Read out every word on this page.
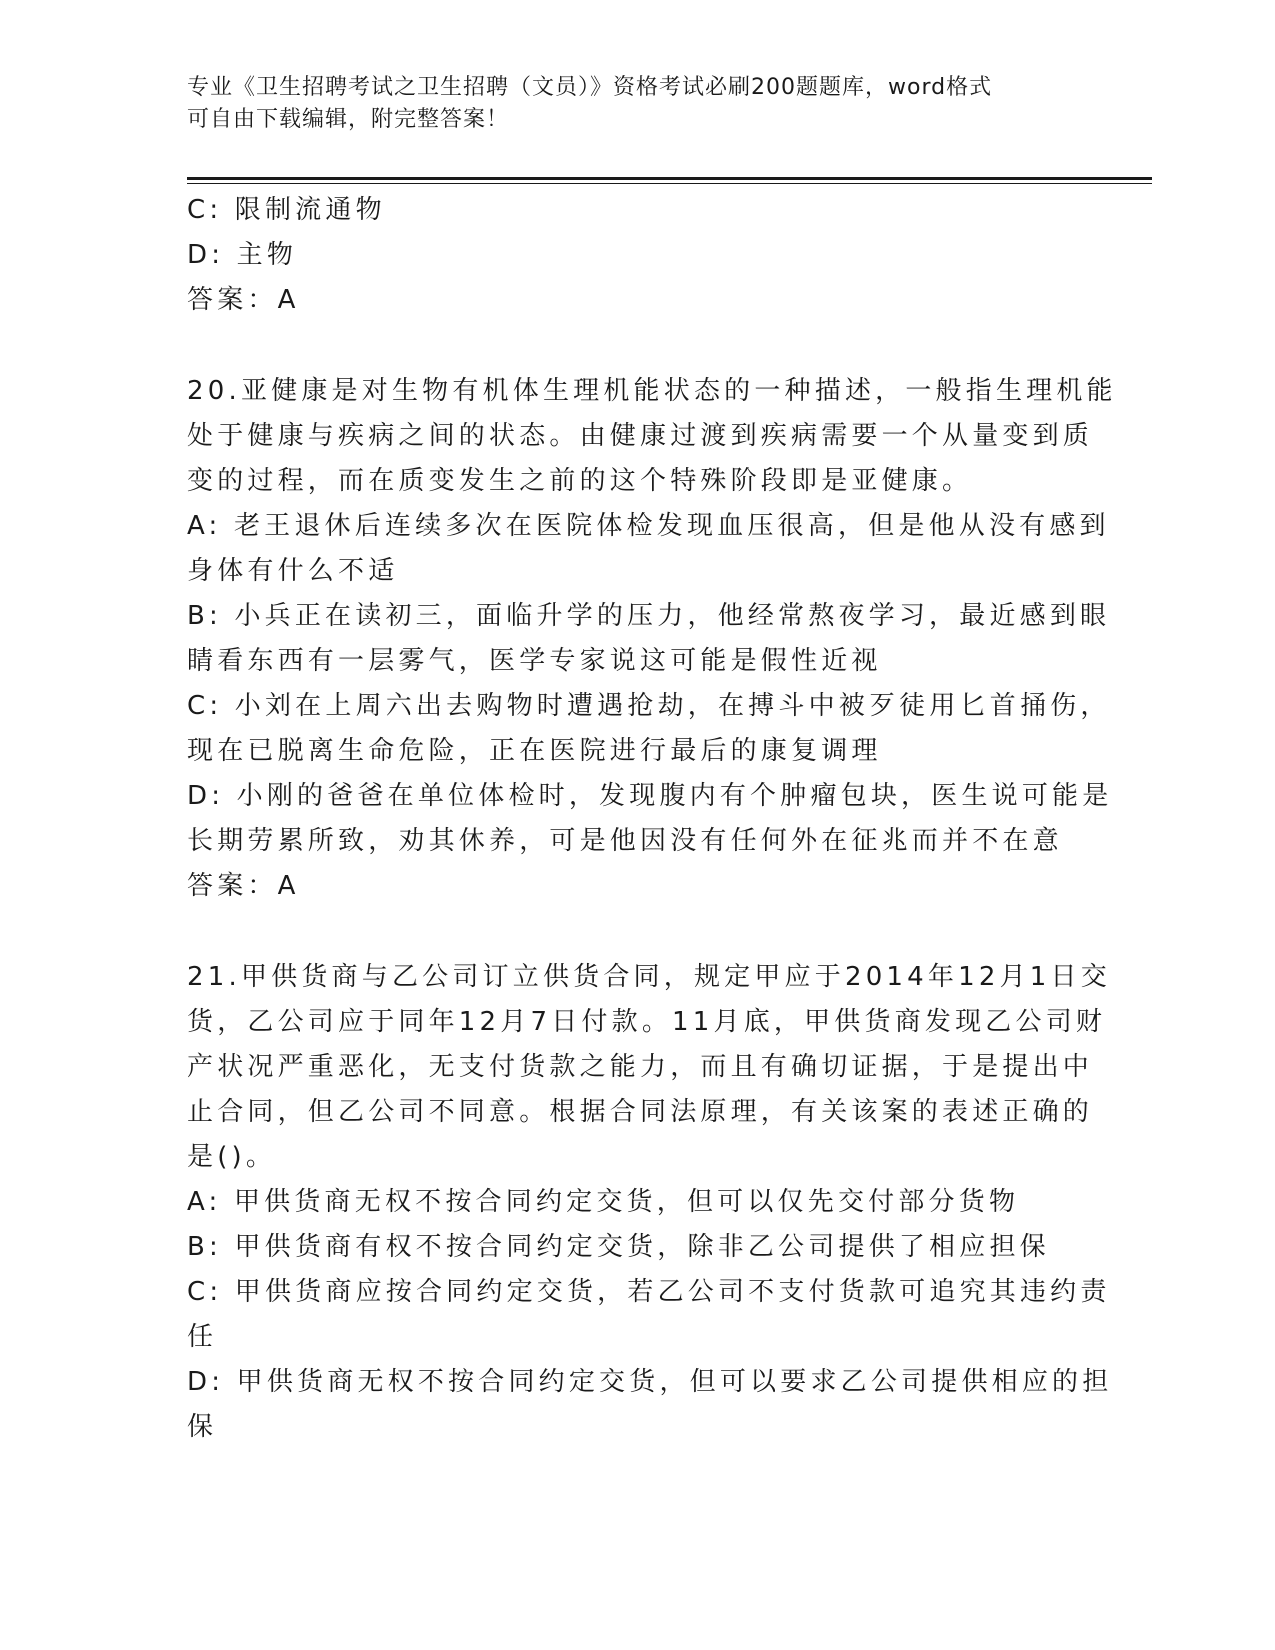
专业《卫生招聘考试之卫生招聘（文员）》资格考试必刷200题题库，word格式
可自由下载编辑，附完整答案！
C: 限制流通物
D: 主物
答案：A
20.亚健康是对生物有机体生理机能状态的一种描述，一般指生理机能
处于健康与疾病之间的状态。由健康过渡到疾病需要一个从量变到质
变的过程，而在质变发生之前的这个特殊阶段即是亚健康。
A: 老王退休后连续多次在医院体检发现血压很高，但是他从没有感到
身体有什么不适
B: 小兵正在读初三，面临升学的压力，他经常熬夜学习，最近感到眼
睛看东西有一层雾气，医学专家说这可能是假性近视
C: 小刘在上周六出去购物时遭遇抢劫，在搏斗中被歹徒用匕首捅伤，
现在已脱离生命危险，正在医院进行最后的康复调理
D: 小刚的爸爸在单位体检时，发现腹内有个肿瘤包块，医生说可能是
长期劳累所致，劝其休养，可是他因没有任何外在征兆而并不在意
答案：A
21.甲供货商与乙公司订立供货合同，规定甲应于2014年12月1日交
货，乙公司应于同年12月7日付款。11月底，甲供货商发现乙公司财
产状况严重恶化，无支付货款之能力，而且有确切证据，于是提出中
止合同，但乙公司不同意。根据合同法原理，有关该案的表述正确的
是()。
A: 甲供货商无权不按合同约定交货，但可以仅先交付部分货物
B: 甲供货商有权不按合同约定交货，除非乙公司提供了相应担保
C: 甲供货商应按合同约定交货，若乙公司不支付货款可追究其违约责
任
D: 甲供货商无权不按合同约定交货，但可以要求乙公司提供相应的担
保
